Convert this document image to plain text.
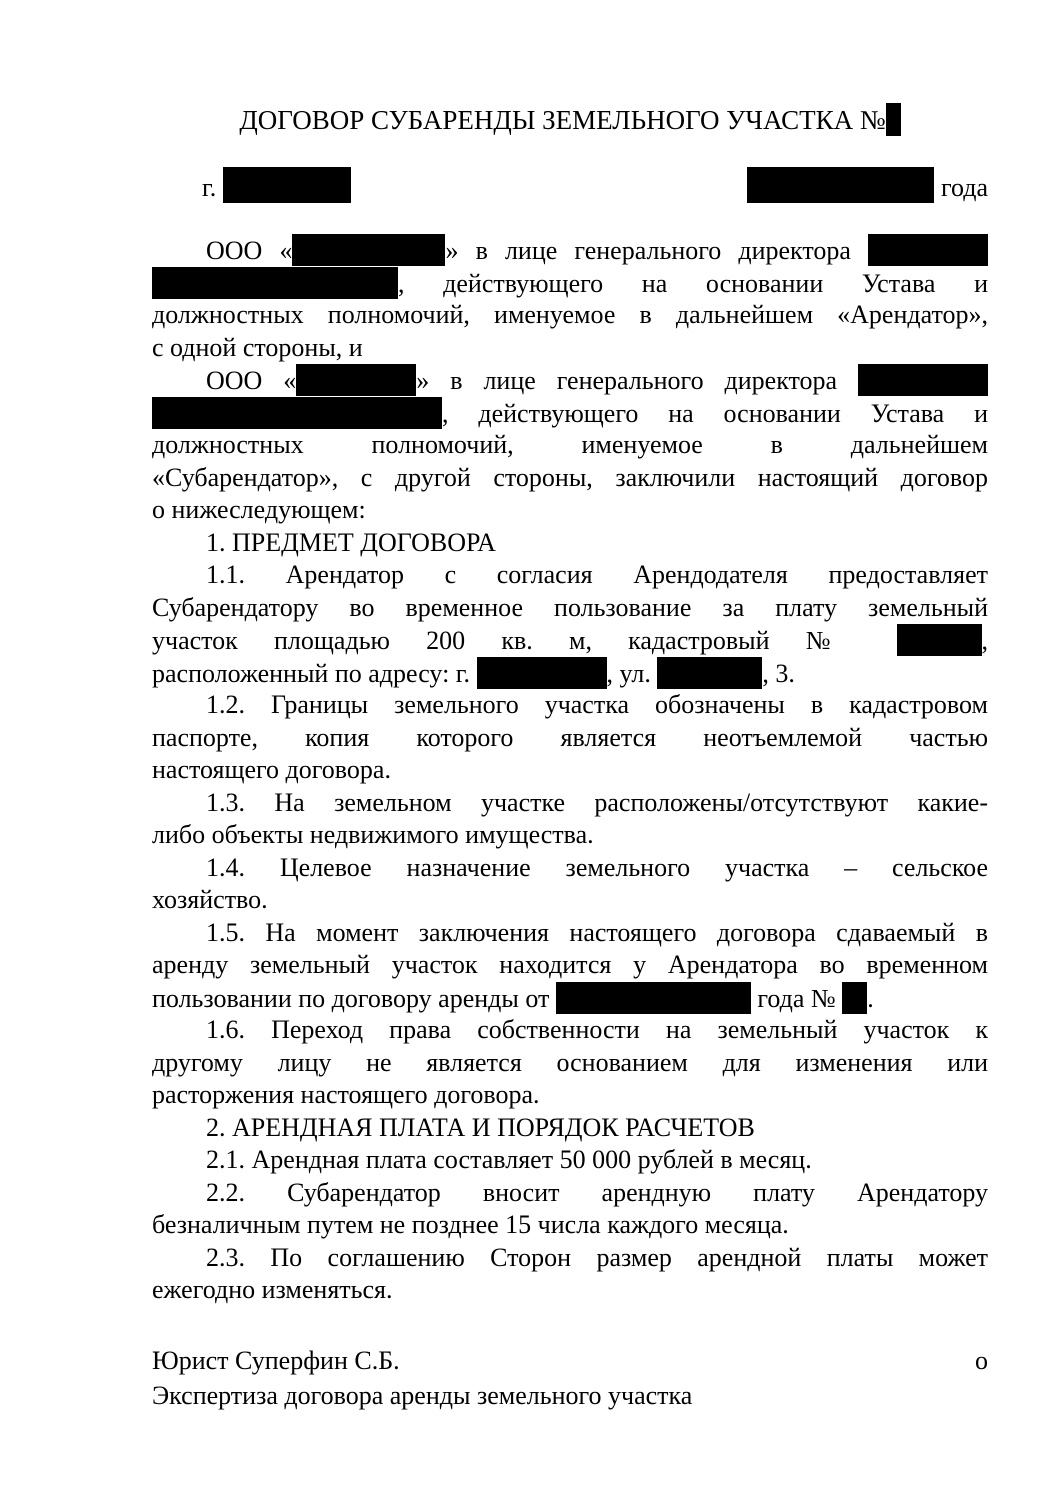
ДОГОВОР СУБАРЕНДЫ ЗЕМЕЛЬНОГО УЧАСТКА №
г.	года
ООО «	» в лице генерального директора
, действующего на основании Устава и
должностных полномочий, именуемое в дальнейшем «Арендатор»,
с одной стороны, и
ООО «	» в лице генерального директора
, действующего на основании Устава и
должностных полномочий, именуемое в дальнейшем
«Субарендатор», с другой стороны, заключили настоящий договор
о нижеследующем:
1. ПРЕДМЕТ ДОГОВОРА
1.1. Арендатор с согласия Арендодателя предоставляет
Субарендатору во временное пользование за плату земельный
участок площадью 200 кв. м, кадастровый №	,
расположенный по адресу: г.	, ул.	, 3.
1.2. Границы земельного участка обозначены в кадастровом
паспорте, копия которого является неотъемлемой частью
настоящего договора.
1.3. На земельном участке расположены/отсутствуют какие-
либо объекты недвижимого имущества.
1.4. Целевое назначение земельного участка – сельское
хозяйство.
1.5. На момент заключения настоящего договора сдаваемый в
аренду земельный участок находится у Арендатора во временном
пользовании по договору аренды от	года № .
1.6. Переход права собственности на земельный участок к
другому лицу не является основанием для изменения или
расторжения настоящего договора.
2. АРЕНДНАЯ ПЛАТА И ПОРЯДОК РАСЧЕТОВ
2.1. Арендная плата составляет 50 000 рублей в месяц.
2.2. Субарендатор вносит арендную плату Арендатору
безналичным путем не позднее 15 числа каждого месяца.
2.3. По соглашению Сторон размер арендной платы может
ежегодно изменяться.
Юрист Суперфин С.Б.	о
Экспертиза договора аренды земельного участка
